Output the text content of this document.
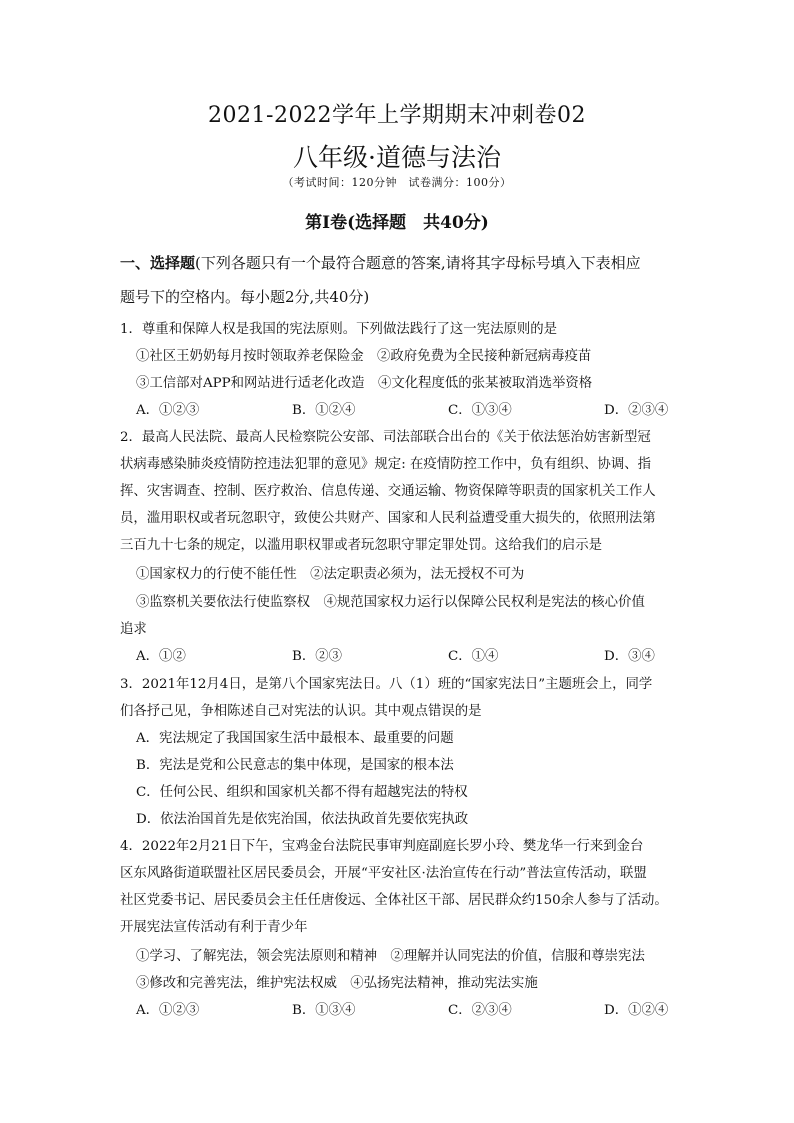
2021-2022学年上学期期末冲刺卷02
八年级·道德与法治
（考试时间：120分钟　试卷满分：100分）
第Ⅰ卷(选择题　共40分)
一、选择题(下列各题只有一个最符合题意的答案,请将其字母标号填入下表相应
题号下的空格内。每小题2分,共40分)
1．尊重和保障人权是我国的宪法原则。下列做法践行了这一宪法原则的是
①社区王奶奶每月按时领取养老保险金　②政府免费为全民接种新冠病毒疫苗
③工信部对APP和网站进行适老化改造　④文化程度低的张某被取消选举资格
A．①②③	B．①②④	C．①③④	D．②③④
2．最高人民法院、最高人民检察院公安部、司法部联合出台的《关于依法惩治妨害新型冠
状病毒感染肺炎疫情防控违法犯罪的意见》规定: 在疫情防控工作中，负有组织、协调、指
挥、灾害调查、控制、医疗救治、信息传递、交通运输、物资保障等职责的国家机关工作人
员，滥用职权或者玩忽职守，致使公共财产、国家和人民利益遭受重大损失的，依照刑法第
三百九十七条的规定，以滥用职权罪或者玩忽职守罪定罪处罚。这给我们的启示是
①国家权力的行使不能任性　②法定职责必须为，法无授权不可为
③监察机关要依法行使监察权　④规范国家权力运行以保障公民权利是宪法的核心价值
追求
A．①②	B．②③	C．①④	D．③④
3．2021年12月4日，是第八个国家宪法日。八（1）班的“国家宪法日”主题班会上，同学
们各抒己见，争相陈述自己对宪法的认识。其中观点错误的是
A．宪法规定了我国国家生活中最根本、最重要的问题
B．宪法是党和公民意志的集中体现，是国家的根本法
C．任何公民、组织和国家机关都不得有超越宪法的特权
D．依法治国首先是依宪治国，依法执政首先要依宪执政
4．2022年2月21日下午，宝鸡金台法院民事审判庭副庭长罗小玲、樊龙华一行来到金台
区东风路街道联盟社区居民委员会，开展“平安社区·法治宣传在行动”普法宣传活动，联盟
社区党委书记、居民委员会主任任唐俊远、全体社区干部、居民群众约150余人参与了活动。
开展宪法宣传活动有利于青少年
①学习、了解宪法，领会宪法原则和精神　②理解并认同宪法的价值，信服和尊崇宪法
③修改和完善宪法，维护宪法权威　④弘扬宪法精神，推动宪法实施
A．①②③	B．①③④	C．②③④	D．①②④
